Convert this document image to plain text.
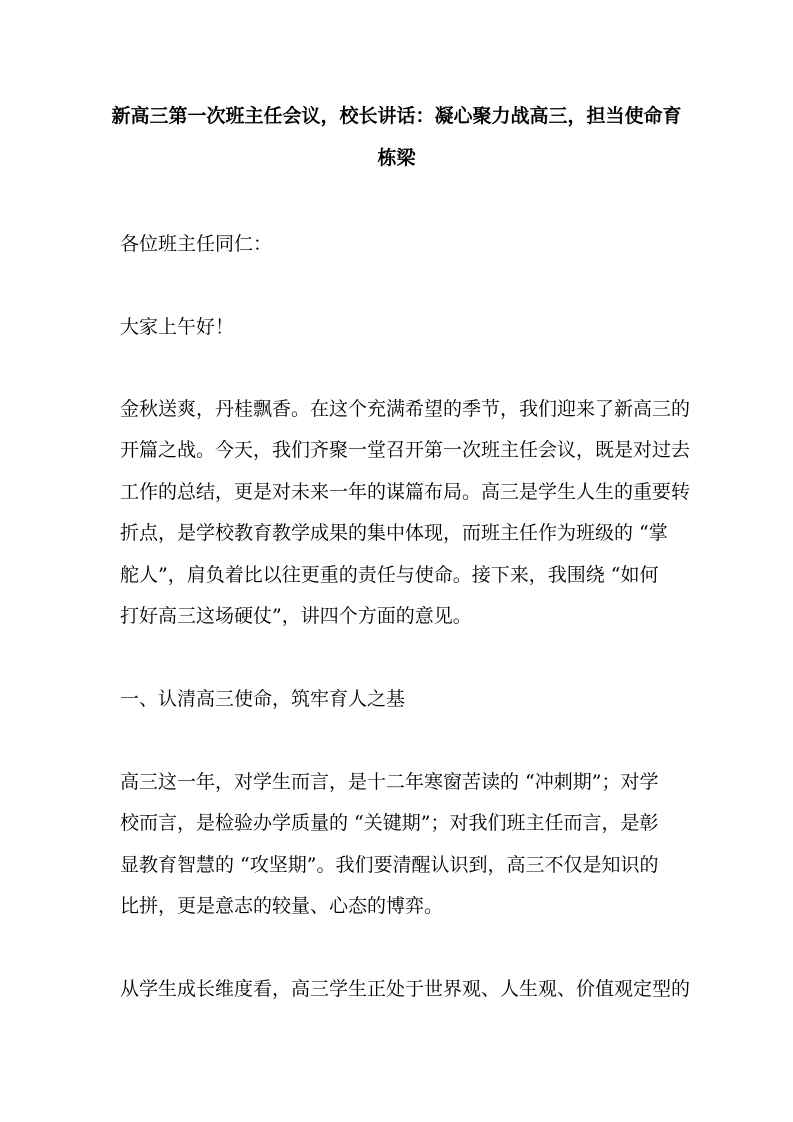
新高三第一次班主任会议，校长讲话：凝心聚力战高三，担当使命育
栋梁
各位班主任同仁：
大家上午好！
金秋送爽，丹桂飘香。在这个充满希望的季节，我们迎来了新高三的
开篇之战。今天，我们齐聚一堂召开第一次班主任会议，既是对过去
工作的总结，更是对未来一年的谋篇布局。高三是学生人生的重要转
折点，是学校教育教学成果的集中体现，而班主任作为班级的 “掌
舵人”，肩负着比以往更重的责任与使命。接下来，我围绕 “如何
打好高三这场硬仗”，讲四个方面的意见。
一、认清高三使命，筑牢育人之基
高三这一年，对学生而言，是十二年寒窗苦读的 “冲刺期”；对学
校而言，是检验办学质量的 “关键期”；对我们班主任而言，是彰
显教育智慧的 “攻坚期”。我们要清醒认识到，高三不仅是知识的
比拼，更是意志的较量、心态的博弈。
从学生成长维度看，高三学生正处于世界观、人生观、价值观定型的
